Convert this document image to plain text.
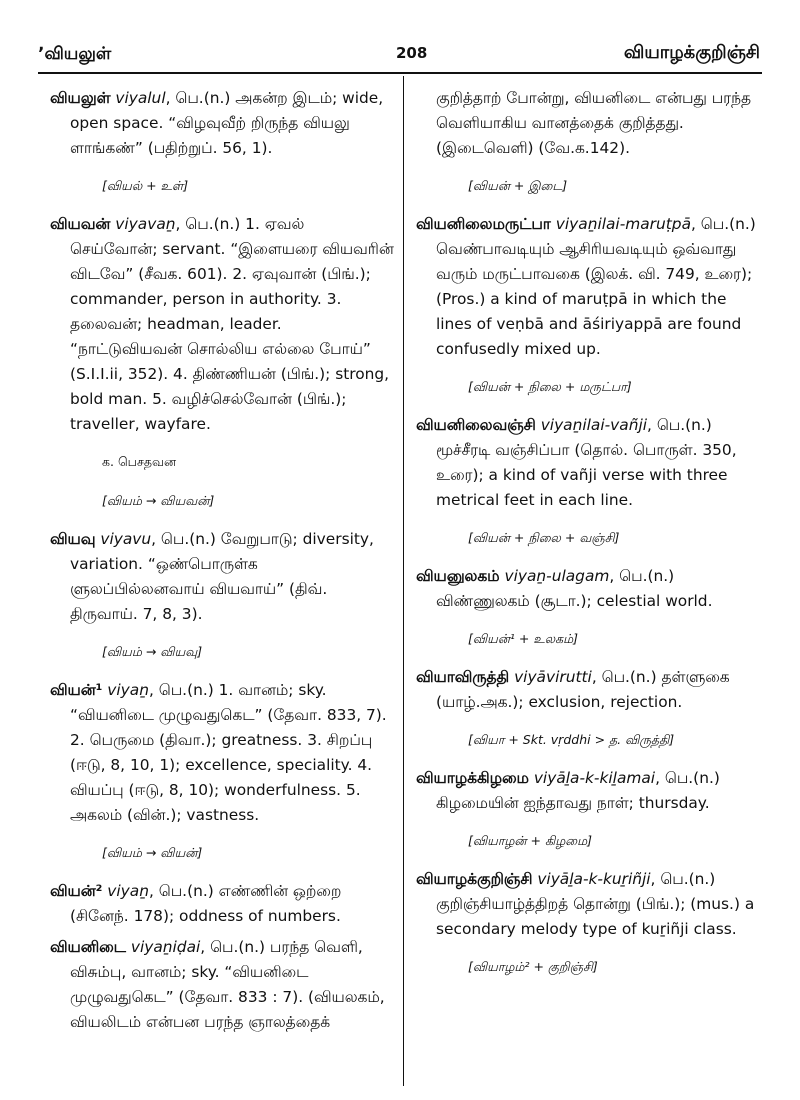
ʼவியலுள்	208	வியாழக்குறிஞ்சி
வியலுள் viyalul, பெ.(n.) அகன்ற இடம்; wide, open space. “விழவுவீற் றிருந்த வியலு ளாங்கண்” (பதிற்றுப். 56, 1).
[வியல் + உள்]
வியவன் viyavaṉ, பெ.(n.) 1. ஏவல் செய்வோன்; servant. “இளையரை வியவரின் விடவே” (சீவக. 601). 2. ஏவுவான் (பிங்.); commander, person in authority. 3. தலைவன்; headman, leader. “நாட்டுவியவன் சொல்லிய எல்லை போய்” (S.I.I.ii, 352). 4. திண்ணியன் (பிங்.); strong, bold man. 5. வழிச்செல்வோன் (பிங்.); traveller, wayfare.
க. பெசதவன
[வியம் → வியவன்]
வியவு viyavu, பெ.(n.) வேறுபாடு; diversity, variation. “ஒண்பொருள்க ளுலப்பில்லனவாய் வியவாய்” (திவ். திருவாய். 7, 8, 3).
[வியம் → வியவு]
வியன்¹ viyaṉ, பெ.(n.) 1. வானம்; sky. “வியனிடை முழுவதுகெட” (தேவா. 833, 7). 2. பெருமை (திவா.); greatness. 3. சிறப்பு (ஈடு, 8, 10, 1); excellence, speciality. 4. வியப்பு (ஈடு, 8, 10); wonderfulness. 5. அகலம் (வின்.); vastness.
[வியம் → வியன்]
வியன்² viyaṉ, பெ.(n.) எண்ணின் ஒற்றை (சினேந். 178); oddness of numbers.
வியனிடை viyaṉiḍai, பெ.(n.) பரந்த வெளி, விசும்பு, வானம்; sky. “வியனிடை முழுவதுகெட” (தேவா. 833 : 7). (வியலகம், வியலிடம் என்பன பரந்த ஞாலத்தைக்
குறித்தாற் போன்று, வியனிடை என்பது பரந்த வெளியாகிய வானத்தைக் குறித்தது. (இடைவெளி) (வே.க.142).
[வியன் + இடை]
வியனிலைமருட்பா viyaṉilai-maruṭpā, பெ.(n.) வெண்பாவடியும் ஆசிரியவடியும் ஒவ்வாது வரும் மருட்பாவகை (இலக். வி. 749, உரை); (Pros.) a kind of maruṭpā in which the lines of veṇbā and āśiriyappā are found confusedly mixed up.
[வியன் + நிலை + மருட்பா]
வியனிலைவஞ்சி viyaṉilai-vañji, பெ.(n.) மூச்சீரடி வஞ்சிப்பா (தொல். பொருள். 350, உரை); a kind of vañji verse with three metrical feet in each line.
[வியன் + நிலை + வஞ்சி]
வியனுலகம் viyaṉ-ulagam, பெ.(n.) விண்ணுலகம் (சூடா.); celestial world.
[வியன்¹ + உலகம்]
வியாவிருத்தி viyāvirutti, பெ.(n.) தள்ளுகை (யாழ்.அக.); exclusion, rejection.
[வியா + Skt. vṛddhi > த. விருத்தி]
வியாழக்கிழமை viyāḻa-k-kiḻamai, பெ.(n.) கிழமையின் ஐந்தாவது நாள்; thursday.
[வியாழன் + கிழமை]
வியாழக்குறிஞ்சி viyāḻa-k-kuṟiñji, பெ.(n.) குறிஞ்சியாழ்த்திறத் தொன்று (பிங்.); (mus.) a secondary melody type of kuṟiñji class.
[வியாழம்² + குறிஞ்சி]
